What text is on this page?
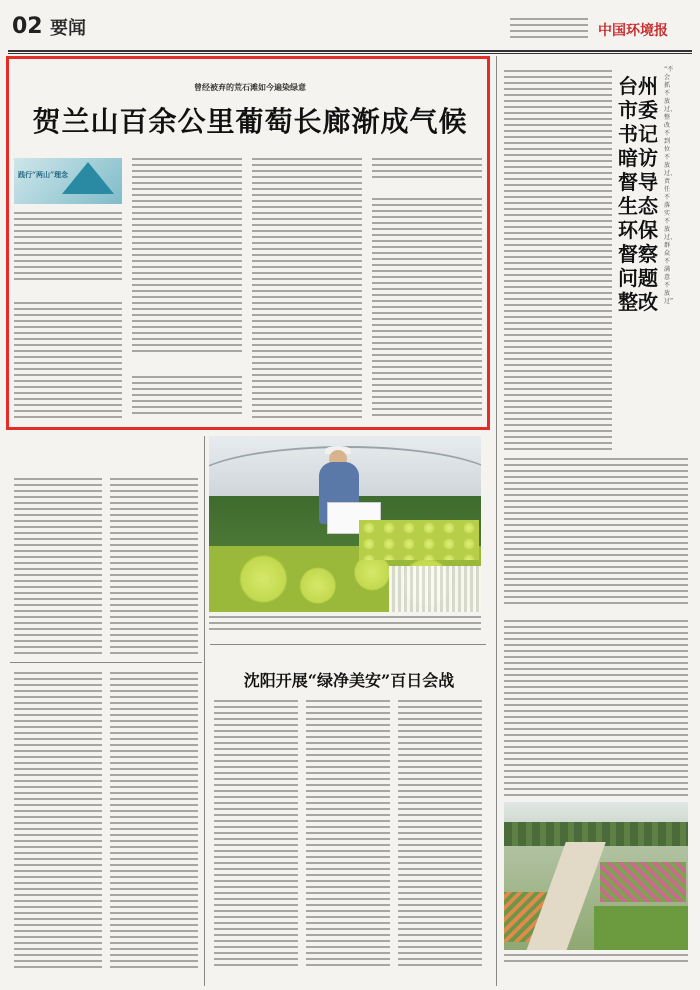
02 要闻	中国环境报
曾经被弃的荒石滩如今遍染绿意
贺兰山百余公里葡萄长廊渐成气候
践行“两山”理念
台州市委书记暗访督导生态环保督察问题整改
“不会抓不放过、整改不到位不放过、责任不落实不放过、群众不满意不放过”
沈阳开展“绿净美安”百日会战
